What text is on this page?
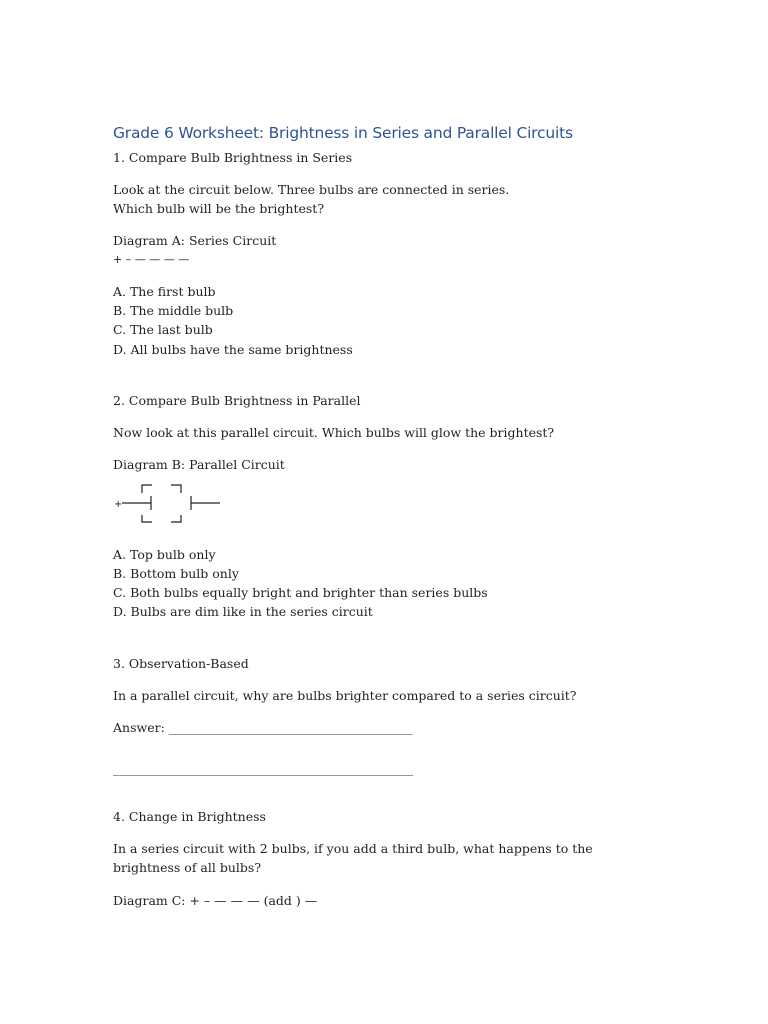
Grade 6 Worksheet: Brightness in Series and Parallel Circuits
1. Compare Bulb Brightness in Series
Look at the circuit below. Three bulbs are connected in series.
Which bulb will be the brightest?
Diagram A: Series Circuit
+ – — — — —
A. The first bulb
B. The middle bulb
C. The last bulb
D. All bulbs have the same brightness
2. Compare Bulb Brightness in Parallel
Now look at this parallel circuit. Which bulbs will glow the brightest?
Diagram B: Parallel Circuit
+
A. Top bulb only
B. Bottom bulb only
C. Both bulbs equally bright and brighter than series bulbs
D. Bulbs are dim like in the series circuit
3. Observation-Based
In a parallel circuit, why are bulbs brighter compared to a series circuit?
Answer: _______________________________________
________________________________________________
4. Change in Brightness
In a series circuit with 2 bulbs, if you add a third bulb, what happens to the brightness of all bulbs?
Diagram C: + – — — — (add ) —
